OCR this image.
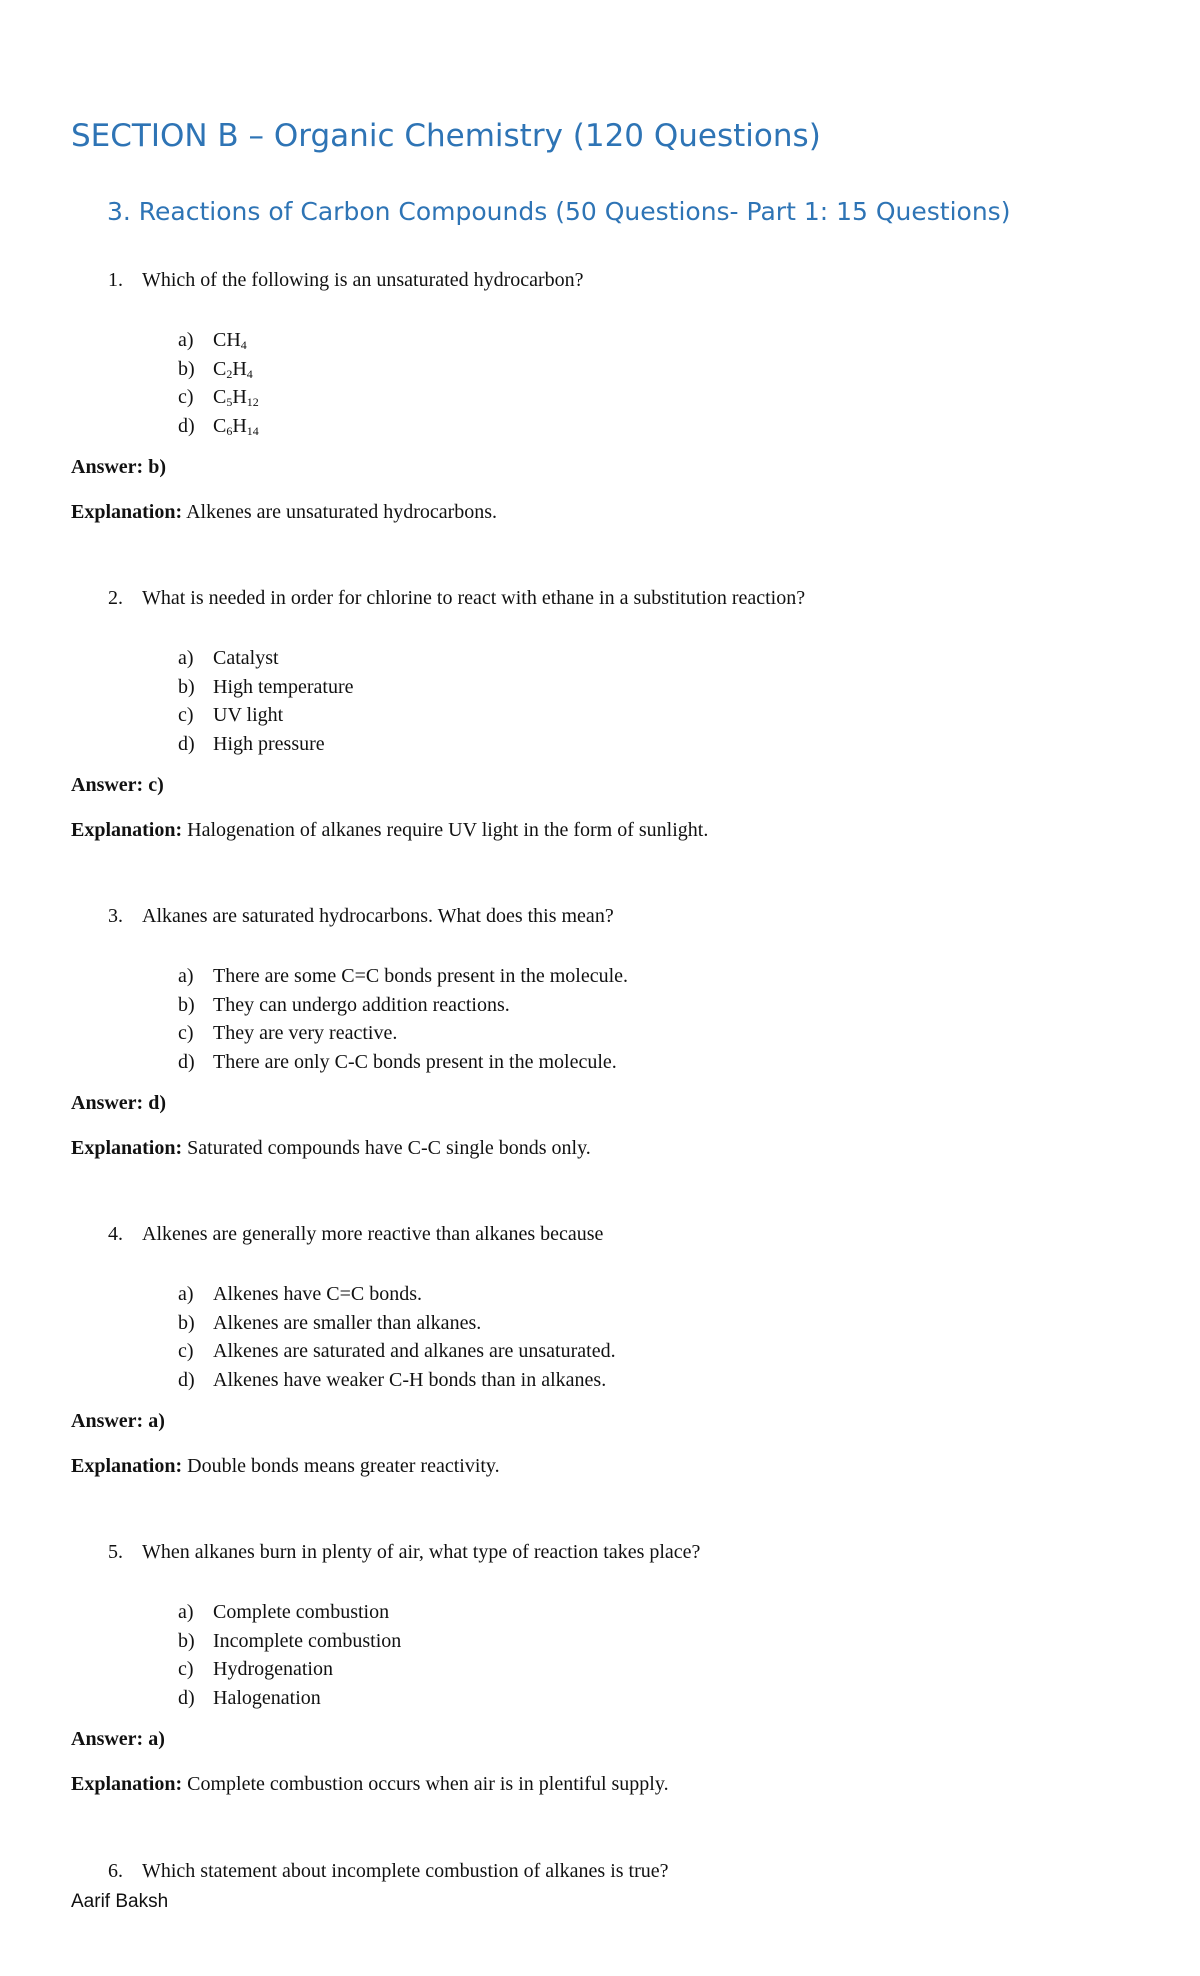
SECTION B – Organic Chemistry (120 Questions)
3. Reactions of Carbon Compounds (50 Questions- Part 1: 15 Questions)
1. Which of the following is an unsaturated hydrocarbon?
a) $CH_4$
b) $C_2H_4$
c) $C_5H_{12}$
d) $C_6H_{14}$
Answer: b)
Explanation: Alkenes are unsaturated hydrocarbons.
2. What is needed in order for chlorine to react with ethane in a substitution reaction?
a) Catalyst
b) High temperature
c) UV light
d) High pressure
Answer: c)
Explanation: Halogenation of alkanes require UV light in the form of sunlight.
3. Alkanes are saturated hydrocarbons. What does this mean?
a) There are some C=C bonds present in the molecule.
b) They can undergo addition reactions.
c) They are very reactive.
d) There are only C-C bonds present in the molecule.
Answer: d)
Explanation: Saturated compounds have C-C single bonds only.
4. Alkenes are generally more reactive than alkanes because
a) Alkenes have C=C bonds.
b) Alkenes are smaller than alkanes.
c) Alkenes are saturated and alkanes are unsaturated.
d) Alkenes have weaker C-H bonds than in alkanes.
Answer: a)
Explanation: Double bonds means greater reactivity.
5. When alkanes burn in plenty of air, what type of reaction takes place?
a) Complete combustion
b) Incomplete combustion
c) Hydrogenation
d) Halogenation
Answer: a)
Explanation: Complete combustion occurs when air is in plentiful supply.
6. Which statement about incomplete combustion of alkanes is true?
Aarif Baksh
